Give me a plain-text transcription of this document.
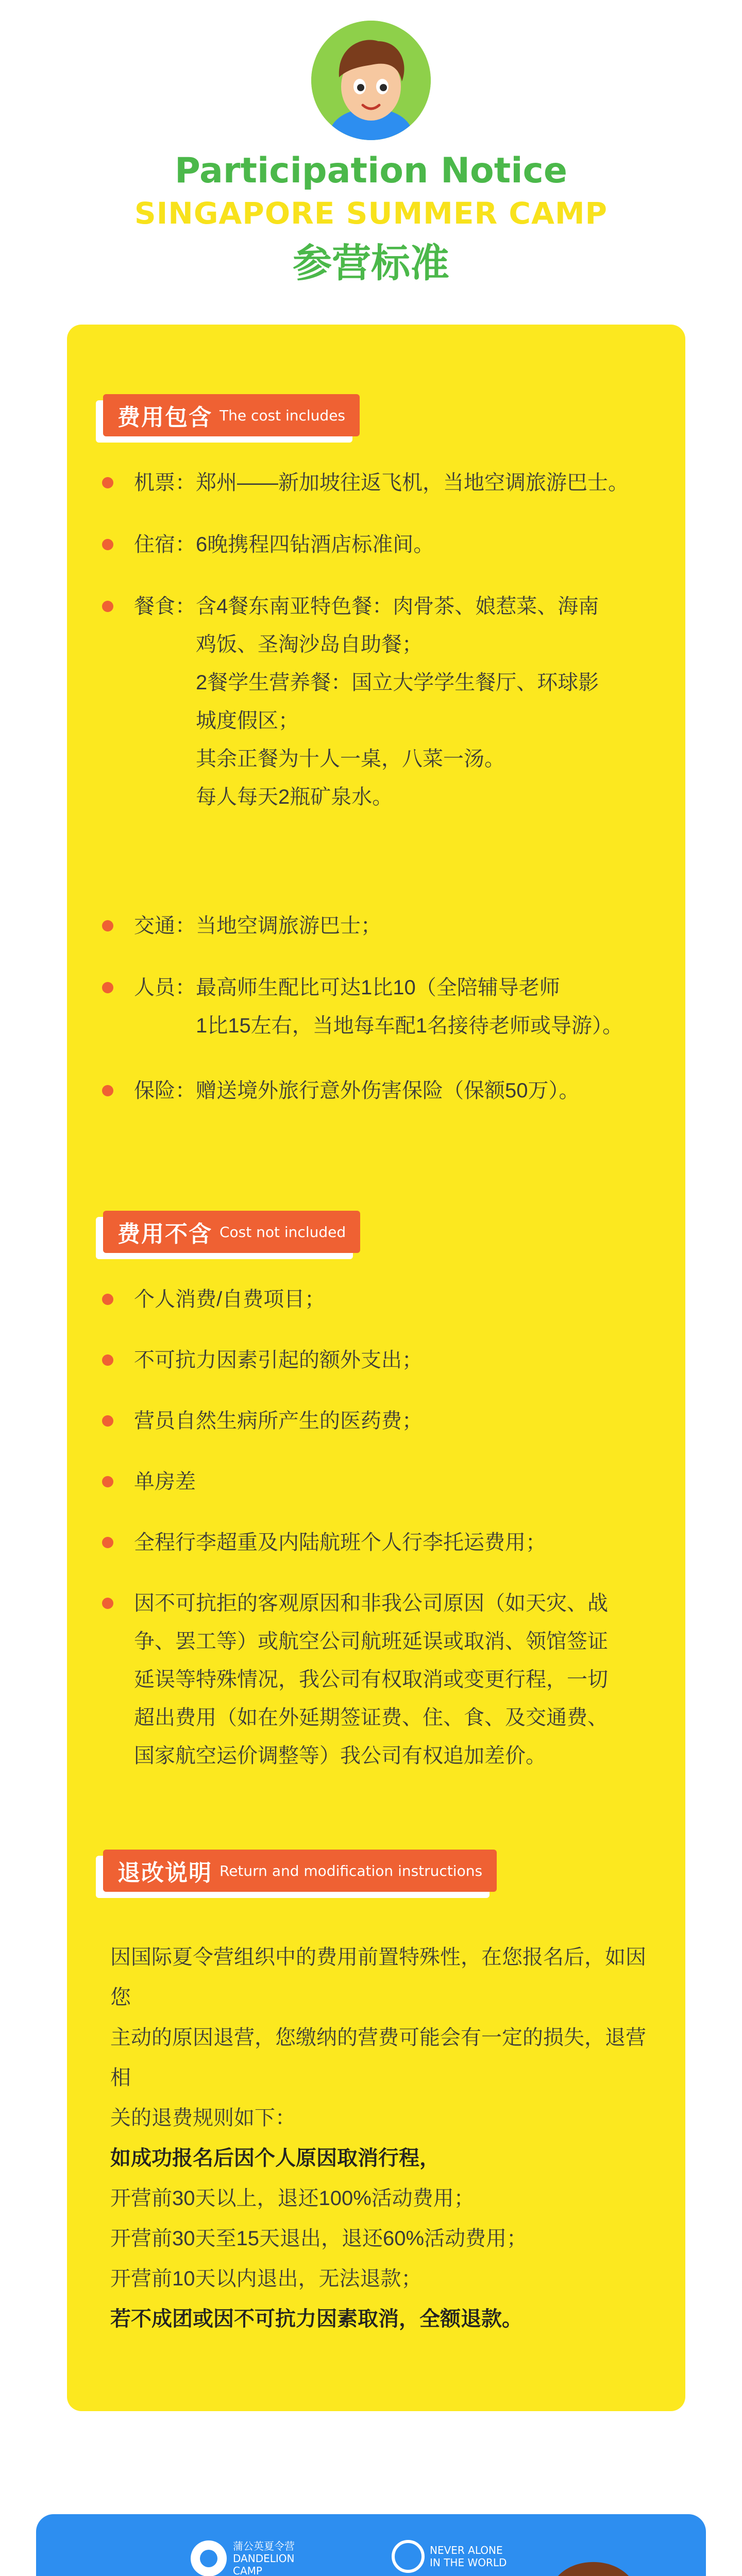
Participation Notice
SINGAPORE SUMMER CAMP
参营标准
费用包含 The cost includes
机票：郑州——新加坡往返飞机，当地空调旅游巴士。
住宿：6晚携程四钻酒店标准间。
餐食：含4餐东南亚特色餐：肉骨茶、娘惹菜、海南
鸡饭、圣淘沙岛自助餐；
2餐学生营养餐：国立大学学生餐厅、环球影
城度假区；
其余正餐为十人一桌，八菜一汤。
每人每天2瓶矿泉水。
交通：当地空调旅游巴士；
人员：最高师生配比可达1比10（全陪辅导老师
1比15左右，当地每车配1名接待老师或导游）。
保险：赠送境外旅行意外伤害保险（保额50万）。
费用不含 Cost not included
个人消费/自费项目；
不可抗力因素引起的额外支出；
营员自然生病所产生的医药费；
单房差
全程行李超重及内陆航班个人行李托运费用；
因不可抗拒的客观原因和非我公司原因（如天灾、战
争、罢工等）或航空公司航班延误或取消、领馆签证
延误等特殊情况，我公司有权取消或变更行程，一切
超出费用（如在外延期签证费、住、食、及交通费、
国家航空运价调整等）我公司有权追加差价。
退改说明 Return and modification instructions
因国际夏令营组织中的费用前置特殊性，在您报名后，如因您
主动的原因退营，您缴纳的营费可能会有一定的损失，退营相
关的退费规则如下：
如成功报名后因个人原因取消行程，
开营前30天以上，退还100%活动费用；
开营前30天至15天退出，退还60%活动费用；
开营前10天以内退出，无法退款；
若不成团或因不可抗力因素取消，全额退款。
蒲公英夏令营
DANDELION
CAMP
NEVER ALONE
IN THE WORLD
